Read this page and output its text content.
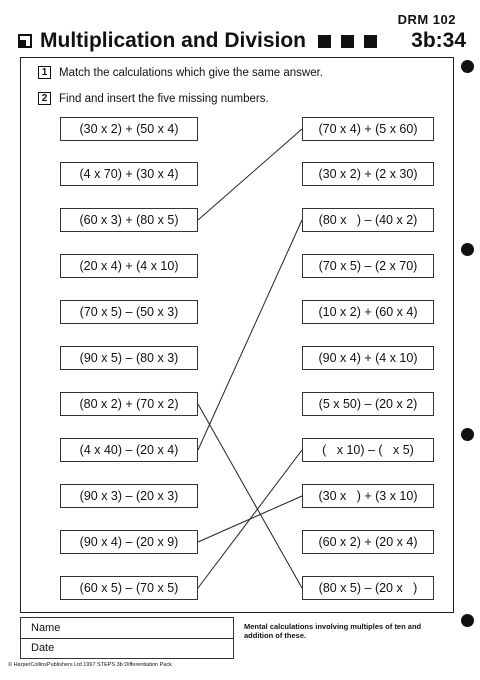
DRM 102
Multiplication and Division	3b:34
1	Match the calculations which give the same answer.
2	Find and insert the five missing numbers.
(30 x 2) + (50 x 4)
(4 x 70) + (30 x 4)
(60 x 3) + (80 x 5)
(20 x 4) + (4 x 10)
(70 x 5) – (50 x 3)
(90 x 5) – (80 x 3)
(80 x 2) + (70 x 2)
(4 x 40) – (20 x 4)
(90 x 3) – (20 x 3)
(90 x 4) – (20 x 9)
(60 x 5) – (70 x 5)
(70 x 4) + (5 x 60)
(30 x 2) + (2 x 30)
(80 x   ) – (40 x 2)
(70 x 5) – (2 x 70)
(10 x 2) + (60 x 4)
(90 x 4) + (4 x 10)
(5 x 50) – (20 x 2)
(   x 10) – (   x 5)
(30 x   ) + (3 x 10)
(60 x 2) + (20 x 4)
(80 x 5) – (20 x   )
Name
Date
Mental calculations involving multiples of ten and addition of these.
© HarperCollinsPublishers Ltd 1997 STEPS 3b Differentiation Pack
